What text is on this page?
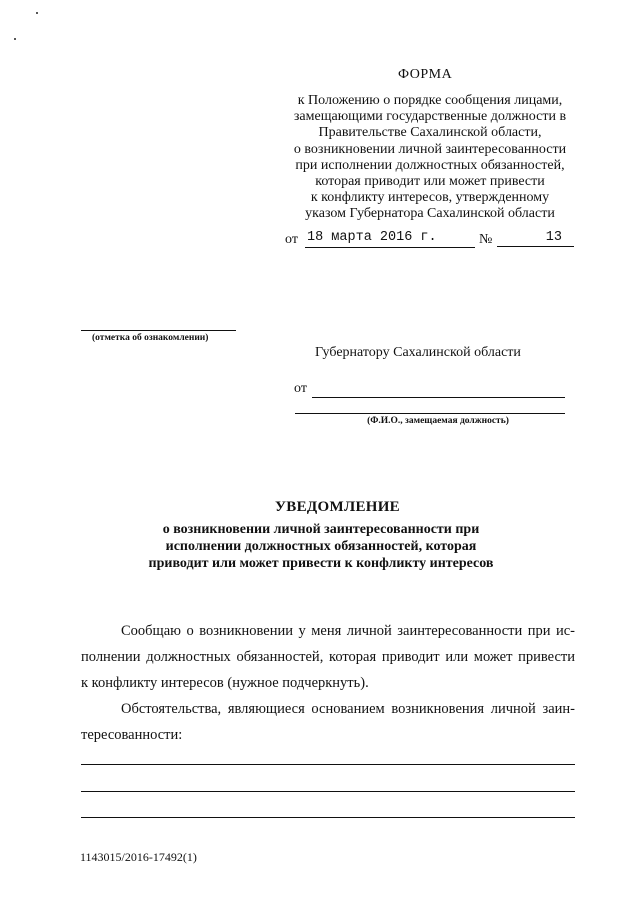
ФОРМА
к Положению о порядке сообщения лицами,
замещающими государственные должности в
Правительстве Сахалинской области,
о возникновении личной заинтересованности
при исполнении должностных обязанностей,
которая приводит или может привести
к конфликту интересов, утвержденному
указом Губернатора Сахалинской области
от 18 марта 2016 г.	№	13
(отметка об ознакомлении)
Губернатору Сахалинской области
от
(Ф.И.О., замещаемая должность)
УВЕДОМЛЕНИЕ
о возникновении личной заинтересованности при
исполнении должностных обязанностей, которая
приводит или может привести к конфликту интересов
Сообщаю о возникновении у меня личной заинтересованности при ис-
полнении должностных обязанностей, которая приводит или может привести
к конфликту интересов (нужное подчеркнуть).
Обстоятельства, являющиеся основанием возникновения личной заин-
тересованности:
1143015/2016-17492(1)
